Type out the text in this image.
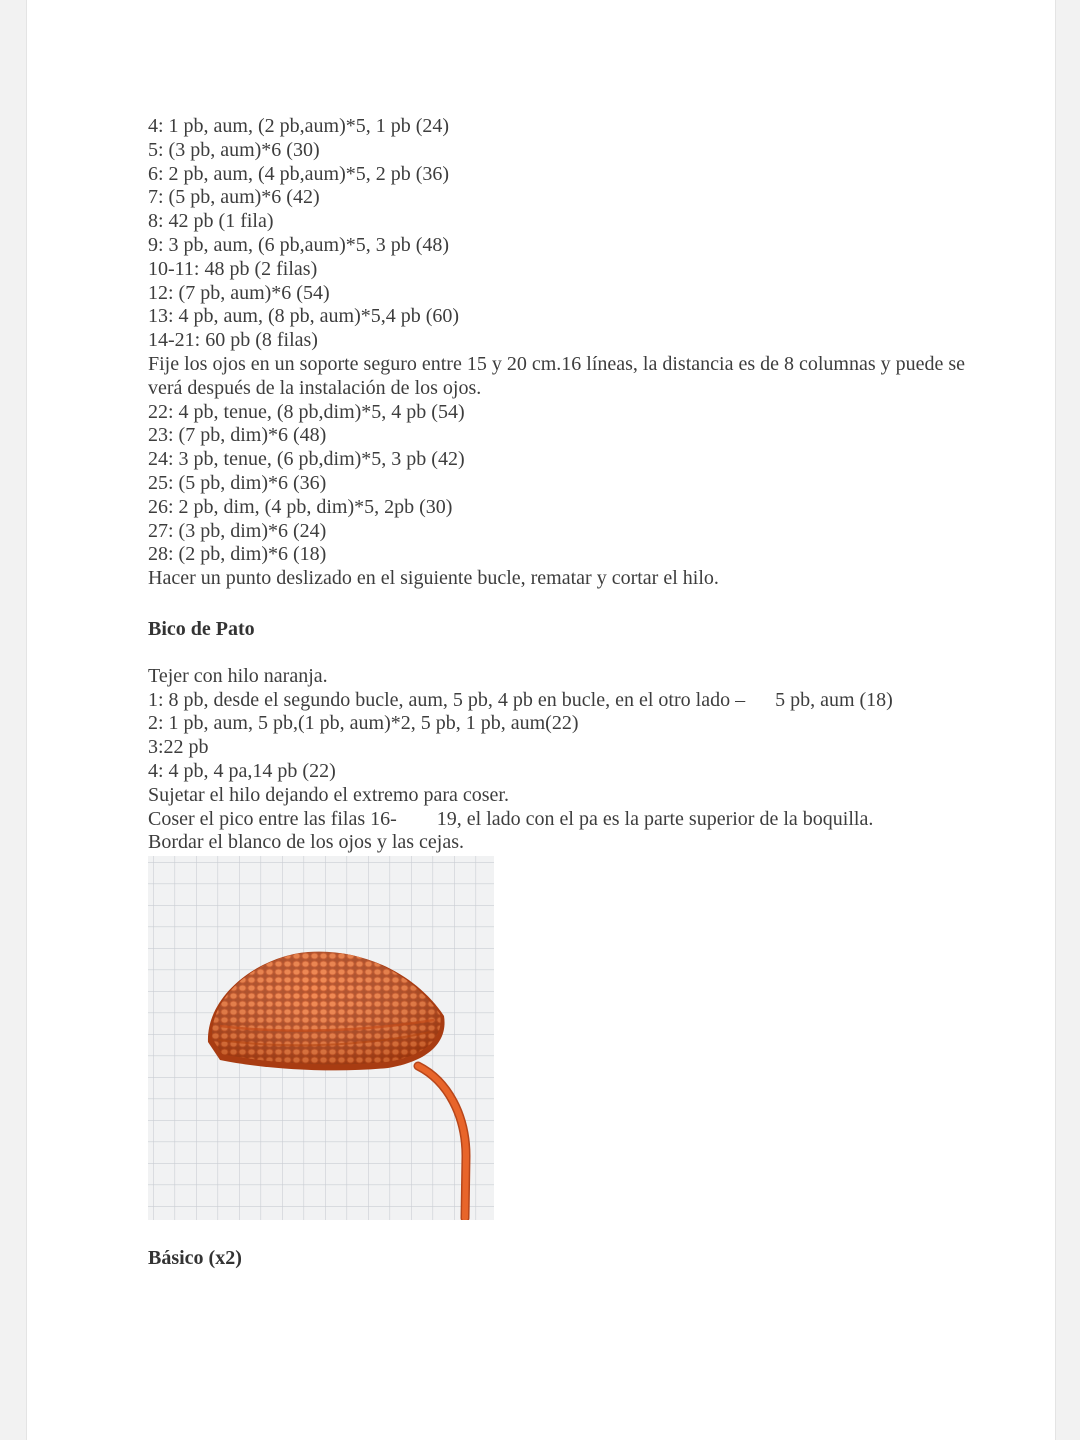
4: 1 pb, aum, (2 pb,aum)*5, 1 pb (24)

5: (3 pb, aum)*6 (30)

6: 2 pb, aum, (4 pb,aum)*5, 2 pb (36)

7: (5 pb, aum)*6 (42)

8: 42 pb (1 fila)

9: 3 pb, aum, (6 pb,aum)*5, 3 pb (48)

10-11: 48 pb (2 filas)

12: (7 pb, aum)*6 (54)

13: 4 pb, aum, (8 pb, aum)*5,4 pb (60)

14-21: 60 pb (8 filas)

Fije los ojos en un soporte seguro entre 15 y 20 cm.16 líneas, la distancia es de 8 columnas y puede se verá después de la instalación de los ojos.

22: 4 pb, tenue, (8 pb,dim)*5, 4 pb (54)

23: (7 pb, dim)*6 (48)

24: 3 pb, tenue, (6 pb,dim)*5, 3 pb (42)

25: (5 pb, dim)*6 (36)

26: 2 pb, dim, (4 pb, dim)*5, 2pb (30)

27: (3 pb, dim)*6 (24)

28: (2 pb, dim)*6 (18)

Hacer un punto deslizado en el siguiente bucle, rematar y cortar el hilo.

Bico de Pato

Tejer con hilo naranja.

1: 8 pb, desde el segundo bucle, aum, 5 pb, 4 pb en bucle, en el otro lado –      5 pb, aum (18)

2: 1 pb, aum, 5 pb,(1 pb, aum)*2, 5 pb, 1 pb, aum(22)

3:22 pb

4: 4 pb, 4 pa,14 pb (22)

Sujetar el hilo dejando el extremo para coser.

Coser el pico entre las filas 16-        19, el lado con el pa es la parte superior de la boquilla.

Bordar el blanco de los ojos y las cejas.

Básico (x2)
